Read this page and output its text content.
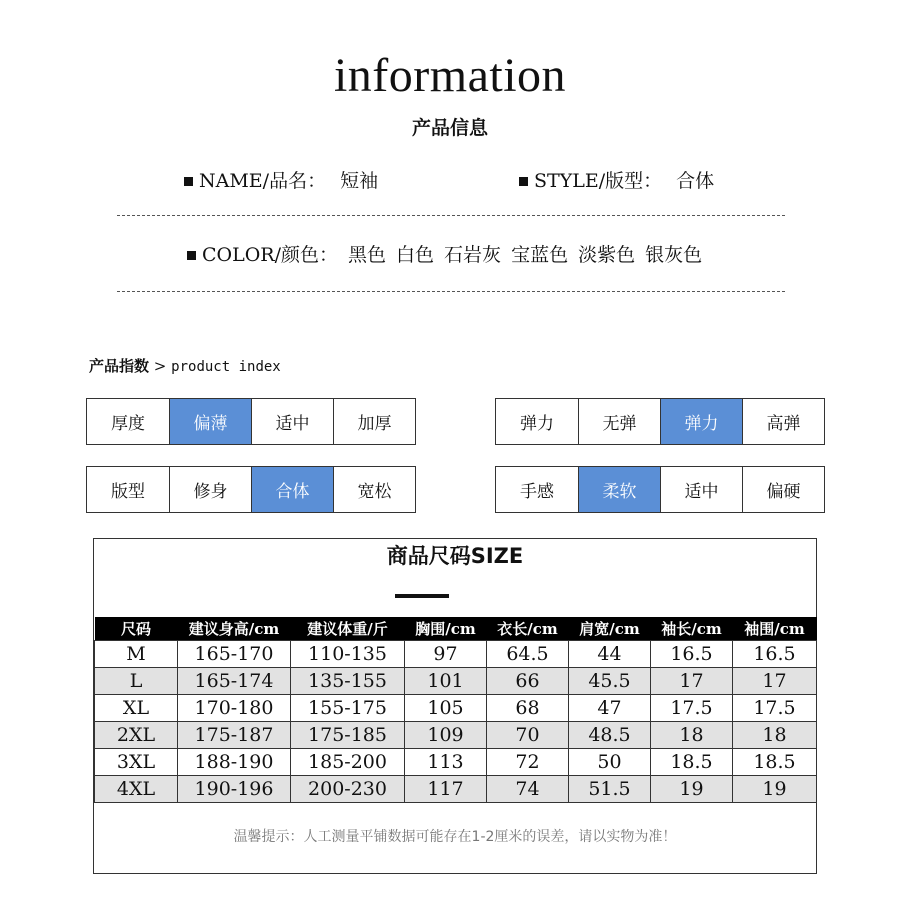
information
产品信息
NAME/品名： 短袖	STYLE/版型： 合体
COLOR/颜色： 黑色 白色 石岩灰 宝蓝色 淡紫色 银灰色
产品指数 > product index
厚度	偏薄	适中	加厚	弹力	无弹	弹力	高弹
版型	修身	合体	宽松	手感	柔软	适中	偏硬
商品尺码SIZE
尺码	建议身高/cm	建议体重/斤	胸围/cm	衣长/cm	肩宽/cm	袖长/cm	袖围/cm
M	165-170	110-135	97	64.5	44	16.5	16.5
L	165-174	135-155	101	66	45.5	17	17
XL	170-180	155-175	105	68	47	17.5	17.5
2XL	175-187	175-185	109	70	48.5	18	18
3XL	188-190	185-200	113	72	50	18.5	18.5
4XL	190-196	200-230	117	74	51.5	19	19
温馨提示：人工测量平铺数据可能存在1-2厘米的误差，请以实物为准！
